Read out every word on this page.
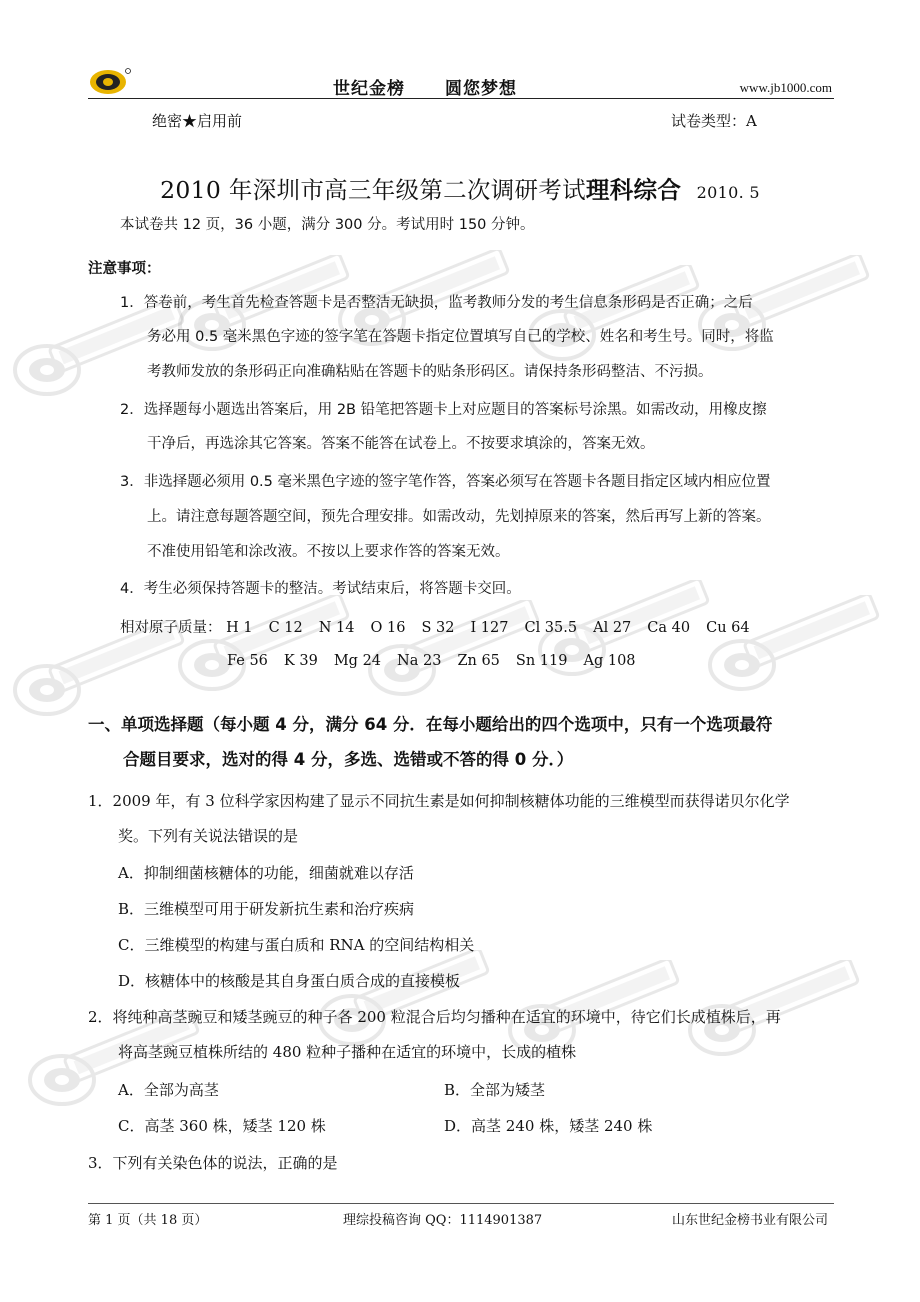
世纪金榜 圆您梦想	www.jb1000.com
绝密★启用前	试卷类型：A
2010 年深圳市高三年级第二次调研考试理科综合 2010. 5
本试卷共 12 页，36 小题，满分 300 分。考试用时 150 分钟。
注意事项：
1．答卷前，考生首先检查答题卡是否整洁无缺损，监考教师分发的考生信息条形码是否正确；之后
务必用 0.5 毫米黑色字迹的签字笔在答题卡指定位置填写自己的学校、姓名和考生号。同时，将监
考教师发放的条形码正向准确粘贴在答题卡的贴条形码区。请保持条形码整洁、不污损。
2．选择题每小题选出答案后，用 2B 铅笔把答题卡上对应题目的答案标号涂黑。如需改动，用橡皮擦
干净后，再选涂其它答案。答案不能答在试卷上。不按要求填涂的，答案无效。
3．非选择题必须用 0.5 毫米黑色字迹的签字笔作答，答案必须写在答题卡各题目指定区域内相应位置
上。请注意每题答题空间，预先合理安排。如需改动，先划掉原来的答案，然后再写上新的答案。
不准使用铅笔和涂改液。不按以上要求作答的答案无效。
4．考生必须保持答题卡的整洁。考试结束后，将答题卡交回。
相对原子质量： H 1 C 12 N 14 O 16 S 32 I 127 Cl 35.5 Al 27 Ca 40 Cu 64
Fe 56 K 39 Mg 24 Na 23 Zn 65 Sn 119 Ag 108
一、单项选择题（每小题 4 分，满分 64 分．在每小题给出的四个选项中，只有一个选项最符
合题目要求，选对的得 4 分，多选、选错或不答的得 0 分．）
1．2009 年，有 3 位科学家因构建了显示不同抗生素是如何抑制核糖体功能的三维模型而获得诺贝尔化学
奖。下列有关说法错误的是
A．抑制细菌核糖体的功能，细菌就难以存活
B．三维模型可用于研发新抗生素和治疗疾病
C．三维模型的构建与蛋白质和 RNA 的空间结构相关
D．核糖体中的核酸是其自身蛋白质合成的直接模板
2．将纯种高茎豌豆和矮茎豌豆的种子各 200 粒混合后均匀播种在适宜的环境中，待它们长成植株后，再
将高茎豌豆植株所结的 480 粒种子播种在适宜的环境中，长成的植株
A．全部为高茎	B．全部为矮茎
C．高茎 360 株，矮茎 120 株	D．高茎 240 株，矮茎 240 株
3．下列有关染色体的说法，正确的是
第 1 页（共 18 页）	理综投稿咨询 QQ：1114901387	山东世纪金榜书业有限公司
